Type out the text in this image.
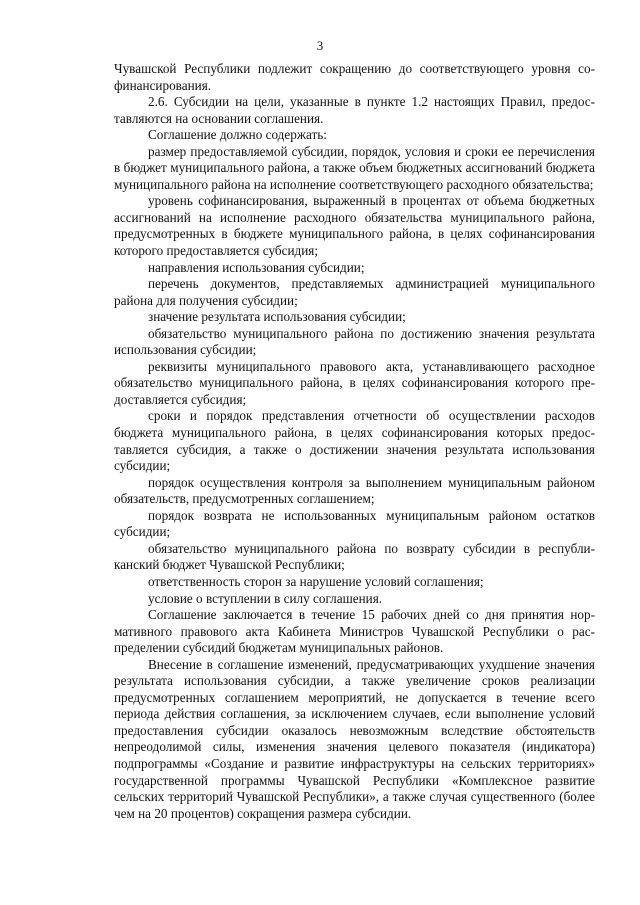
3

Чувашской Республики подлежит сокращению до соответствующего уровня софинансирования.

2.6. Субсидии на цели, указанные в пункте 1.2 настоящих Правил, предоставляются на основании соглашения.

Соглашение должно содержать:

размер предоставляемой субсидии, порядок, условия и сроки ее перечисления в бюджет муниципального района, а также объем бюджетных ассигнований бюджета муниципального района на исполнение соответствующего расходного обязательства;

уровень софинансирования, выраженный в процентах от объема бюджетных ассигнований на исполнение расходного обязательства муниципального района, предусмотренных в бюджете муниципального района, в целях софинансирования которого предоставляется субсидия;

направления использования субсидии;

перечень документов, представляемых администрацией муниципального района для получения субсидии;

значение результата использования субсидии;

обязательство муниципального района по достижению значения результата использования субсидии;

реквизиты муниципального правового акта, устанавливающего расходное обязательство муниципального района, в целях софинансирования которого предоставляется субсидия;

сроки и порядок представления отчетности об осуществлении расходов бюджета муниципального района, в целях софинансирования которых предоставляется субсидия, а также о достижении значения результата использования субсидии;

порядок осуществления контроля за выполнением муниципальным районом обязательств, предусмотренных соглашением;

порядок возврата не использованных муниципальным районом остатков субсидии;

обязательство муниципального района по возврату субсидии в республиканский бюджет Чувашской Республики;

ответственность сторон за нарушение условий соглашения;

условие о вступлении в силу соглашения.

Соглашение заключается в течение 15 рабочих дней со дня принятия нормативного правового акта Кабинета Министров Чувашской Республики о распределении субсидий бюджетам муниципальных районов.

Внесение в соглашение изменений, предусматривающих ухудшение значения результата использования субсидии, а также увеличение сроков реализации предусмотренных соглашением мероприятий, не допускается в течение всего периода действия соглашения, за исключением случаев, если выполнение условий предоставления субсидии оказалось невозможным вследствие обстоятельств непреодолимой силы, изменения значения целевого показателя (индикатора) подпрограммы «Создание и развитие инфраструктуры на сельских территориях» государственной программы Чувашской Республики «Комплексное развитие сельских территорий Чувашской Республики», а также случая существенного (более чем на 20 процентов) сокращения размера субсидии.
